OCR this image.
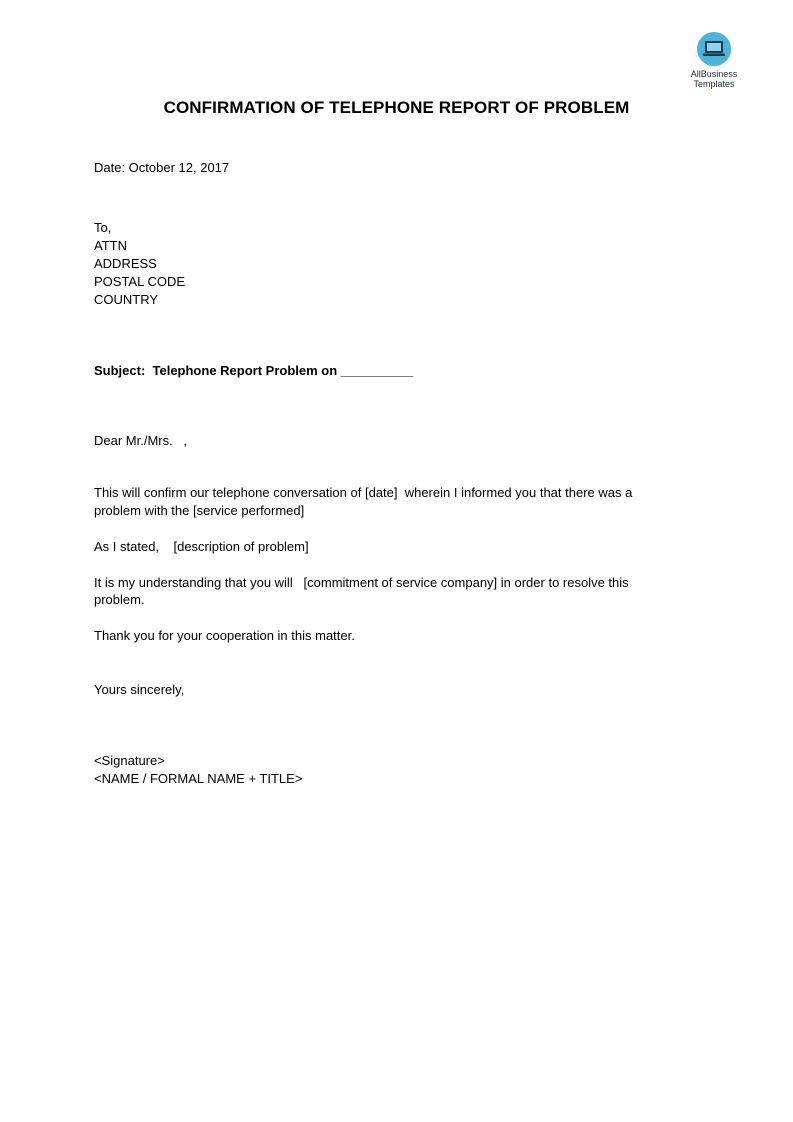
AllBusiness
Templates
CONFIRMATION OF TELEPHONE REPORT OF PROBLEM
Date: October 12, 2017
To,
ATTN
ADDRESS
POSTAL CODE
COUNTRY
Subject:  Telephone Report Problem on __________
Dear Mr./Mrs.   ,
This will confirm our telephone conversation of [date]  wherein I informed you that there was a
problem with the [service performed]
As I stated,    [description of problem]
It is my understanding that you will   [commitment of service company] in order to resolve this
problem.
Thank you for your cooperation in this matter.
Yours sincerely,
<Signature>
<NAME / FORMAL NAME + TITLE>
